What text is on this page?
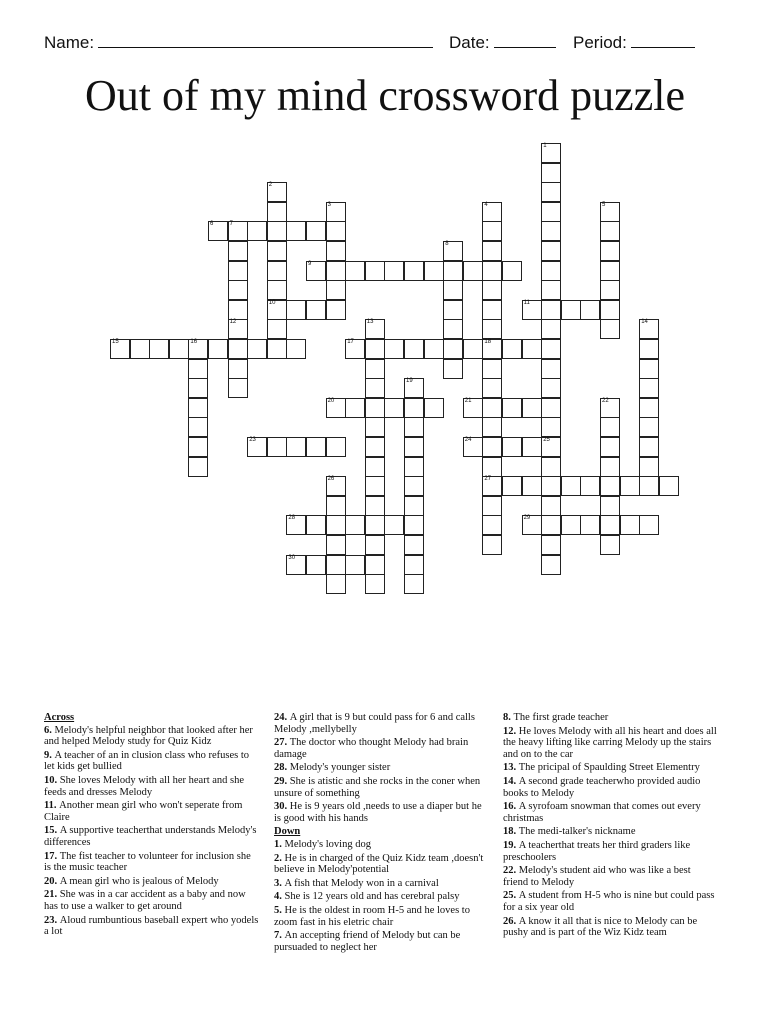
Name:	Date:	Period:
Out of my mind crossword puzzle
1
25
2
10
3	4	5
6	7
8
9
11
12	13	14
15	16	17	18
27
19
20	21	22
23	24
26
28	29
30
Across
6. Melody's helpful neighbor that looked after her and helped Melody study for Quiz Kidz
9. A teacher of an in clusion class who refuses to let kids get bullied
10. She loves Melody with all her heart and she feeds and dresses Melody
11. Another mean girl who won't seperate from Claire
15. A supportive teacherthat understands Melody's differences
17. The fist teacher to volunteer for inclusion she is the music teacher
20. A mean girl who is jealous of Melody
21. She was in a car accident as a baby and now has to use a walker to get around
23. Aloud rumbuntious baseball expert who yodels a lot
24. A girl that is 9 but could pass for 6 and calls Melody ,mellybelly
27. The doctor who thought Melody had brain damage
28. Melody's younger sister
29. She is atistic and she rocks in the coner when unsure of something
30. He is 9 years old ,needs to use a diaper but he is good with his hands
Down
1. Melody's loving dog
2. He is in charged of the Quiz Kidz team ,doesn't believe in Melody'potential
3. A fish that Melody won in a carnival
4. She is 12 years old and has cerebral palsy
5. He is the oldest in room H-5 and he loves to zoom fast in his eletric chair
7. An accepting friend of Melody but can be pursuaded to neglect her
8. The first grade teacher
12. He loves Melody with all his heart and does all the heavy lifting like carring Melody up the stairs and on to the car
13. The pricipal of Spaulding Street Elementry
14. A second grade teacherwho provided audio books to Melody
16. A syrofoam snowman that comes out every christmas
18. The medi-talker's nickname
19. A teacherthat treats her third graders like preschoolers
22. Melody's student aid who was like a best friend to Melody
25. A student from H-5 who is nine but could pass for a six year old
26. A know it all that is nice to Melody can be pushy and is part of the Wiz Kidz team
